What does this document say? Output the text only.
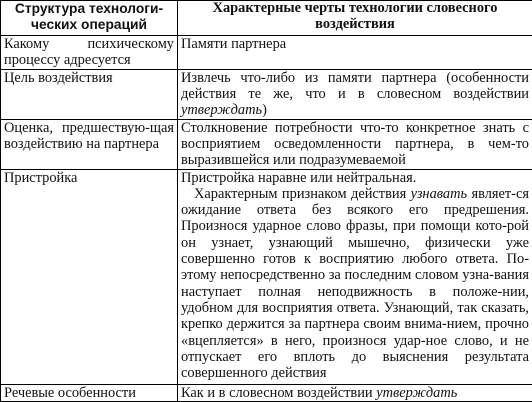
Структура технологи-ческих операций	Характерные черты технологии словесного воздействия
Какому психическому процессу адресуется	Памяти партнера
Цель воздействия	Извлечь что-либо из памяти партнера (особенности действия те же, что и в словесном воздействии утверждать)
Оценка, предшествую-щая воздействию на партнера	Столкновение потребности что-то конкретное знать с восприятием осведомленности партнера, в чем-то выразившейся или подразумеваемой
Пристройка	Пристройка наравне или нейтральная.
Характерным признаком действия узнавать являет-ся ожидание ответа без всякого его предрешения. Произнося ударное слово фразы, при помощи кото-рой он узнает, узнающий мышечно, физически уже совершенно готов к восприятию любого ответа. По-этому непосредственно за последним словом узна-вания наступает полная неподвижность в положе-нии, удобном для восприятия ответа. Узнающий, так сказать, крепко держится за партнера своим внима-нием, прочно «вцепляется» в него, произнося удар-ное слово, и не отпускает его вплоть до выяснения результата совершенного действия

Речевые особенности	Как и в словесном воздействии утверждать
